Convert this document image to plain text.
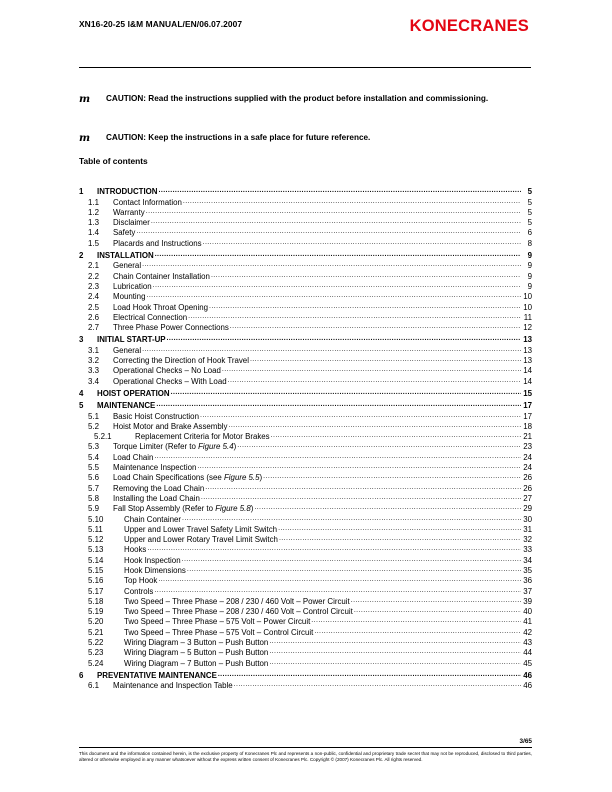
XN16-20-25 I&M MANUAL/EN/06.07.2007	KONECRANES
m	CAUTION: Read the instructions supplied with the product before installation and commissioning.
m	CAUTION: Keep the instructions in a safe place for future reference.
Table of contents
1	INTRODUCTION .....	5
1.1	Contact Information .....	5
1.2	Warranty .....	5
1.3	Disclaimer .....	5
1.4	Safety .....	6
1.5	Placards and Instructions .....	8
2	INSTALLATION .....	9
2.1	General .....	9
2.2	Chain Container Installation .....	9
2.3	Lubrication .....	9
2.4	Mounting .....	10
2.5	Load Hook Throat Opening .....	10
2.6	Electrical Connection .....	11
2.7	Three Phase Power Connections .....	12
3	INITIAL START-UP .....	13
3.1	General .....	13
3.2	Correcting the Direction of Hook Travel .....	13
3.3	Operational Checks – No Load .....	14
3.4	Operational Checks – With Load .....	14
4	HOIST OPERATION .....	15
5	MAINTENANCE .....	17
5.1	Basic Hoist Construction .....	17
5.2	Hoist Motor and Brake Assembly .....	18
5.2.1	Replacement Criteria for Motor Brakes .....	21
5.3	Torque Limiter (Refer to Figure 5.4) .....	23
5.4	Load Chain .....	24
5.5	Maintenance Inspection .....	24
5.6	Load Chain Specifications (see Figure 5.5) .....	26
5.7	Removing the Load Chain .....	26
5.8	Installing the Load Chain .....	27
5.9	Fall Stop Assembly (Refer to Figure 5.8) .....	29
5.10	Chain Container .....	30
5.11	Upper and Lower Travel Safety Limit Switch .....	31
5.12	Upper and Lower Rotary Travel Limit Switch .....	32
5.13	Hooks .....	33
5.14	Hook Inspection .....	34
5.15	Hook Dimensions .....	35
5.16	Top Hook .....	36
5.17	Controls .....	37
5.18	Two Speed – Three Phase – 208 / 230 / 460 Volt – Power Circuit .....	39
5.19	Two Speed – Three Phase – 208 / 230 / 460 Volt – Control Circuit .....	40
5.20	Two Speed – Three Phase – 575 Volt – Power Circuit .....	41
5.21	Two Speed – Three Phase – 575 Volt – Control Circuit .....	42
5.22	Wiring Diagram – 3 Button – Push Button .....	43
5.23	Wiring Diagram – 5 Button – Push Button .....	44
5.24	Wiring Diagram – 7 Button – Push Button .....	45
6	PREVENTATIVE MAINTENANCE .....	46
6.1	Maintenance and Inspection Table .....	46
3/65
This document and the information contained herein, is the exclusive property of Konecranes Plc and represents a non-public, confidential and proprietary trade secret that may not be reproduced, disclosed to third parties, altered or otherwise employed in any manner whatsoever without the express written consent of Konecranes Plc. Copyright © (2007) Konecranes Plc. All rights reserved.
